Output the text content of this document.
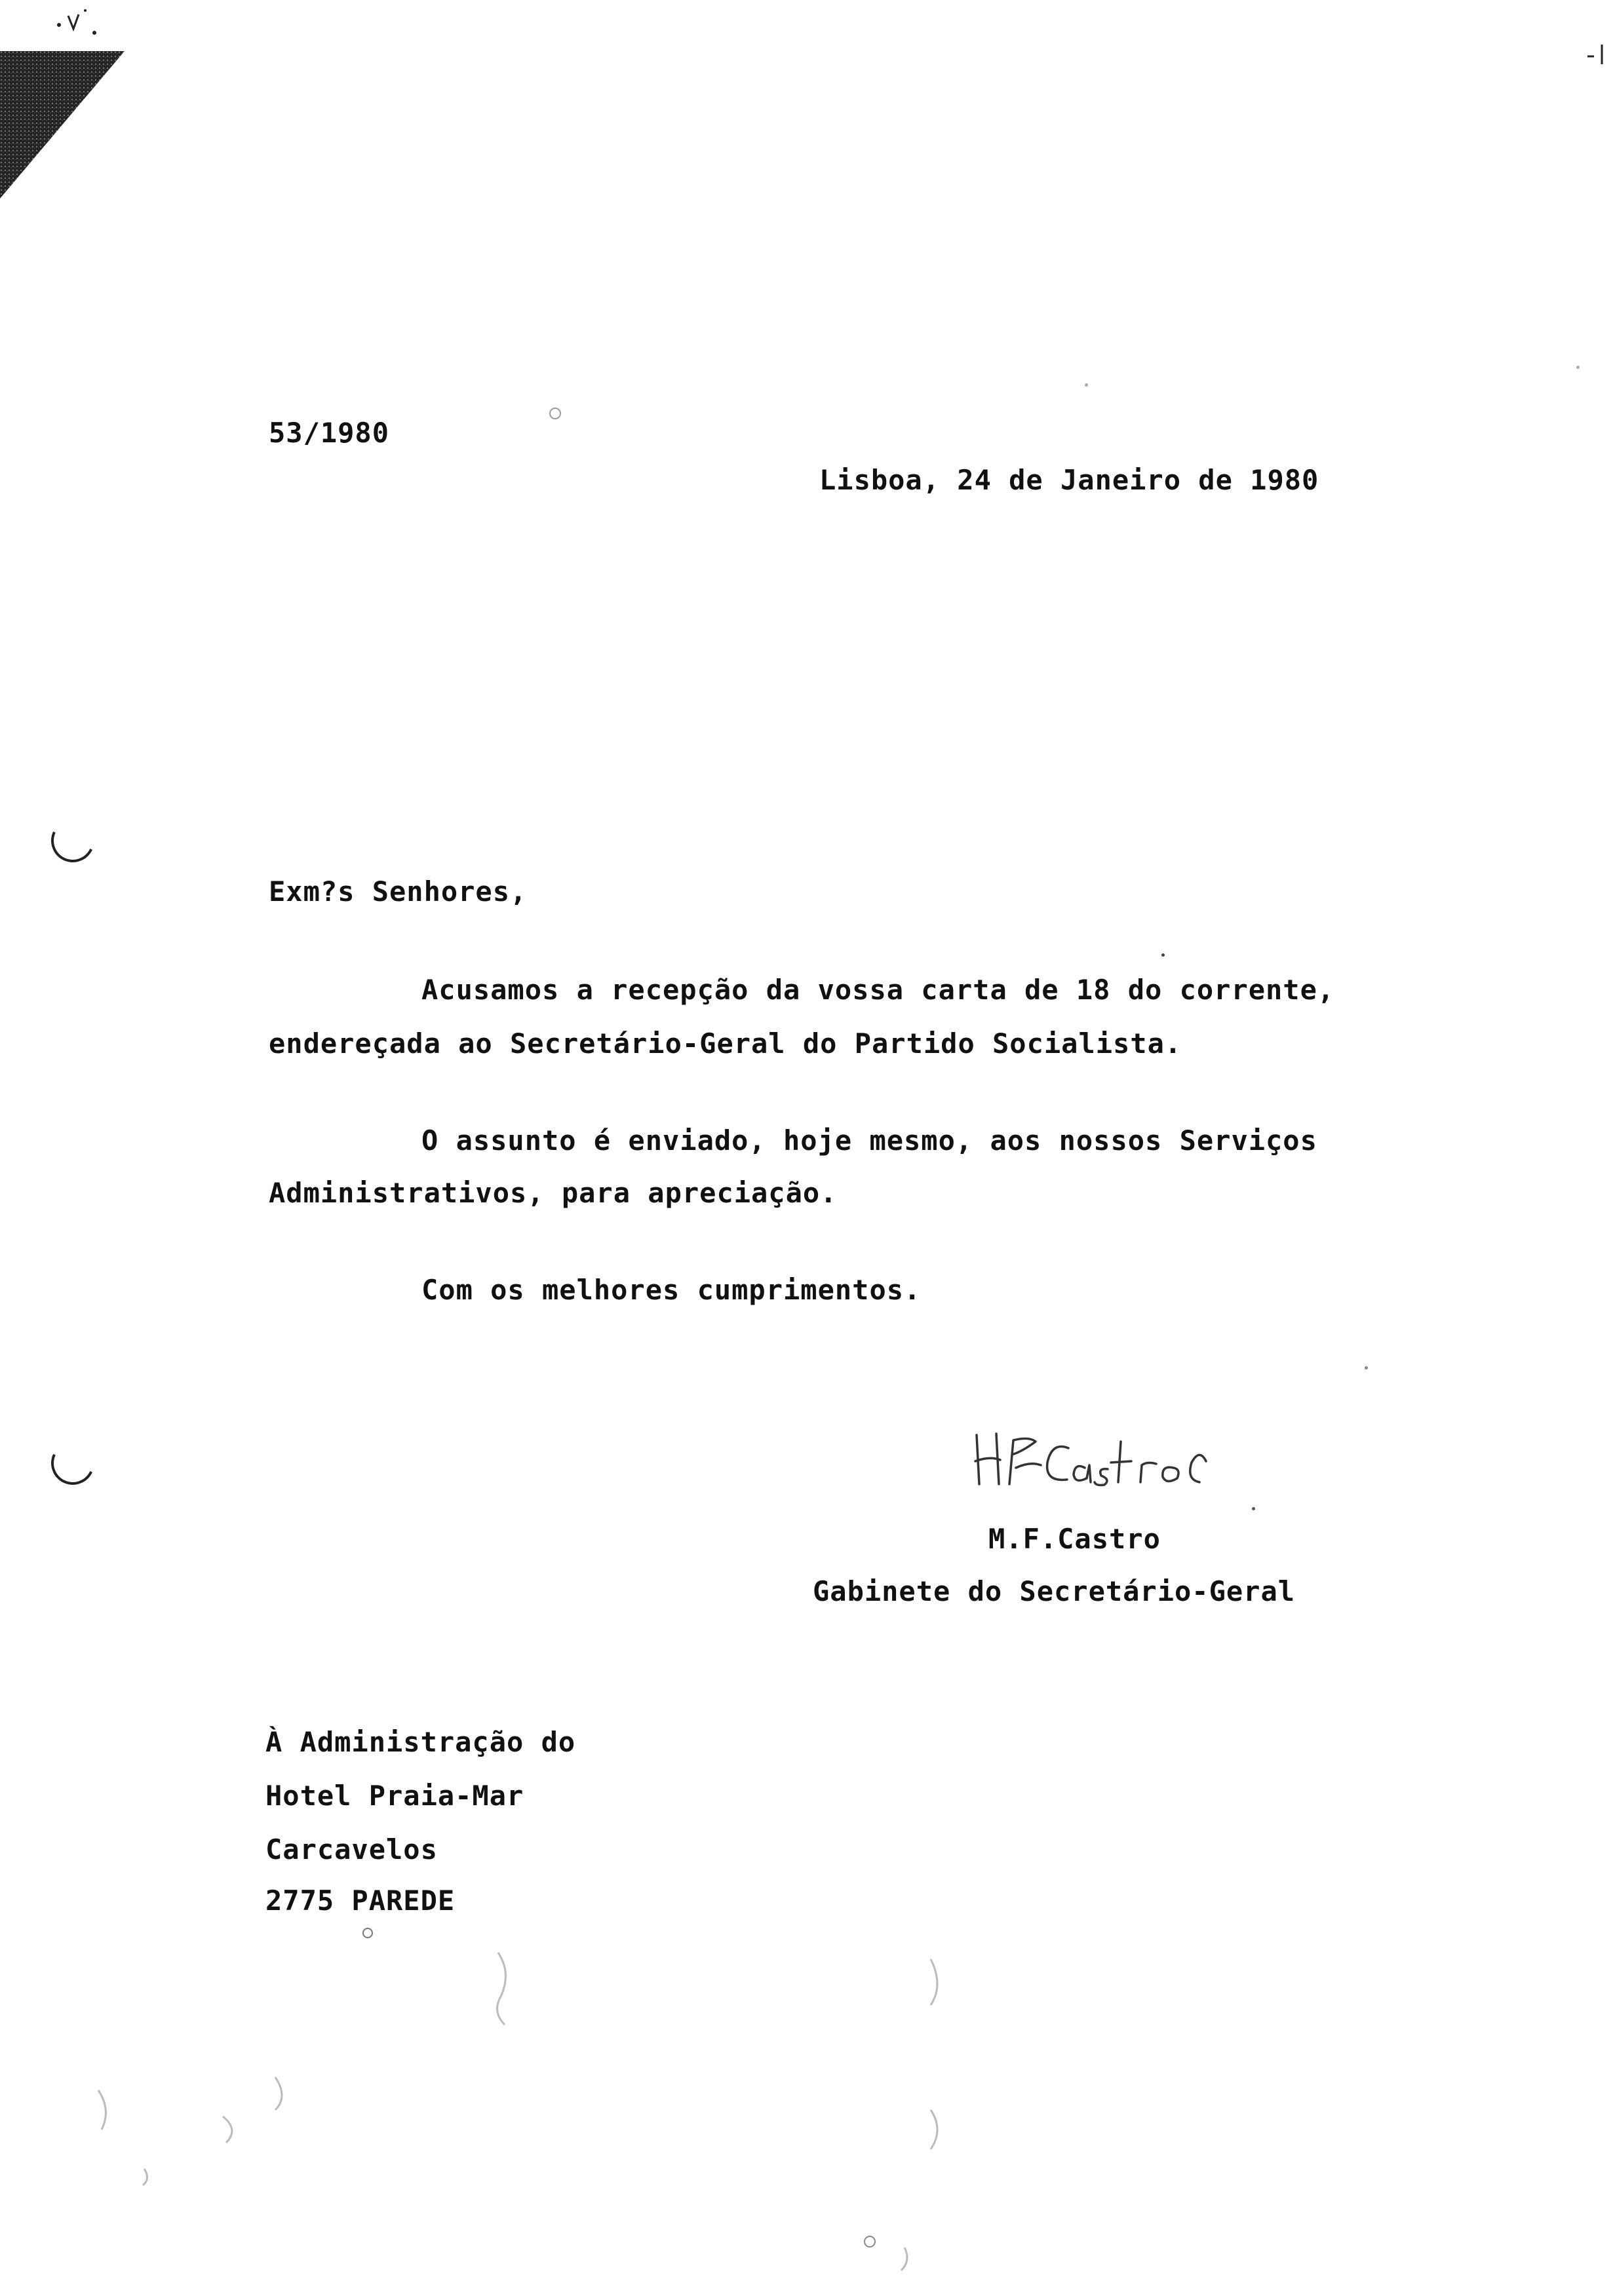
53/1980
Lisboa, 24 de Janeiro de 1980
Exm?s Senhores,
Acusamos a recepção da vossa carta de 18 do corrente,
endereçada ao Secretário-Geral do Partido Socialista.
O assunto é enviado, hoje mesmo, aos nossos Serviços
Administrativos, para apreciação.
Com os melhores cumprimentos.
M.F.Castro
Gabinete do Secretário-Geral
À Administração do
Hotel Praia-Mar
Carcavelos
2775 PAREDE
